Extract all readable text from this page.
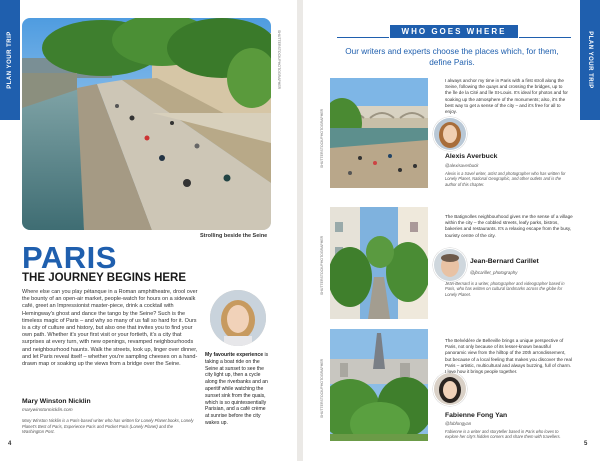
PLAN YOUR TRIP	SHUTTERSTOCK/PHOTOGRAPHER
Strolling beside the Seine
PARIS
THE JOURNEY BEGINS HERE

Where else can you play pétanque in a Roman amphitheatre, drool over the bounty of an open-air market, people-watch for hours on a sidewalk café, greet an Impressionist master-piece, drink a cocktail with Hemingway's ghost and dance the tango by the Seine? Such is the timeless magic of Paris – and why so many of us fall so hard for it. Ours is a city of culture and history, but also one that invites you to find your own path. Whether it's your first visit or your fortieth, it's a city that surprises at every turn, with new openings, revamped neighbourhoods and neighbourhood haunts. Walk the streets, look up, linger over dinner, and let Paris reveal itself – whether you're sampling cheeses on a hand-drawn map or soaking up the views from a bridge over the Seine.

Mary Winston Nicklin
marywinstonnicklin.com
Mary Winston Nicklin is a Paris-based writer who has written for Lonely Planet books, Lonely Planet's Best of Paris, Experience Paris and Pocket Paris (Lonely Planet) and the Washington Post.

My favourite experience is taking a boat ride on the Seine at sunset to see the city light up, then a cycle along the riverbanks and an aperitif while watching the sunset sink from the quais, which is so quintessentially Parisian, and a café crème at sunrise before the city wakes up.

4
PLAN YOUR TRIP
WHO GOES WHERE

Our writers and experts choose the places which, for them, define Paris.

SHUTTERSTOCK/PHOTOGRAPHER

I always anchor my time in Paris with a first stroll along the Seine, following the quays and crossing the bridges, up to the Île de la Cité and Île St-Louis. It's ideal for photos and for soaking up the atmosphere of the monuments; also, it's the best way to get a sense of the city – and it's free for all to enjoy.

Alexis Averbuck
@alexisaverbuck

Alexis is a travel writer, artist and photographer who has written for Lonely Planet, National Geographic, and other outlets and is the author of this chapter.

SHUTTERSTOCK/PHOTOGRAPHER

The Batignolles neighbourhood gives me the sense of a village within the city – the cobbled streets, leafy parks, bistros, bakeries and restaurants. It's a relaxing escape from the busy, touristy centre of the city.

Jean-Bernard Carillet
@jbcarillet_photography

Jean-Bernard is a writer, photographer and videographer based in Paris, who has written on cultural landmarks across the globe for Lonely Planet.

SHUTTERSTOCK/PHOTOGRAPHER

The Belvédère de Belleville brings a unique perspective of Paris, not only because of its lesser-known beautiful panoramic view from the hilltop of the 20th arrondissement, but because of a local feeling that makes you discover the real Paris – artistic, multicultural and always buzzing, full of charm. I love how it brings people together.

Fabienne Fong Yan
@fabfongyan

Fabienne is a writer and storyteller based in Paris who loves to explore her city's hidden corners and share them with travellers.

5
